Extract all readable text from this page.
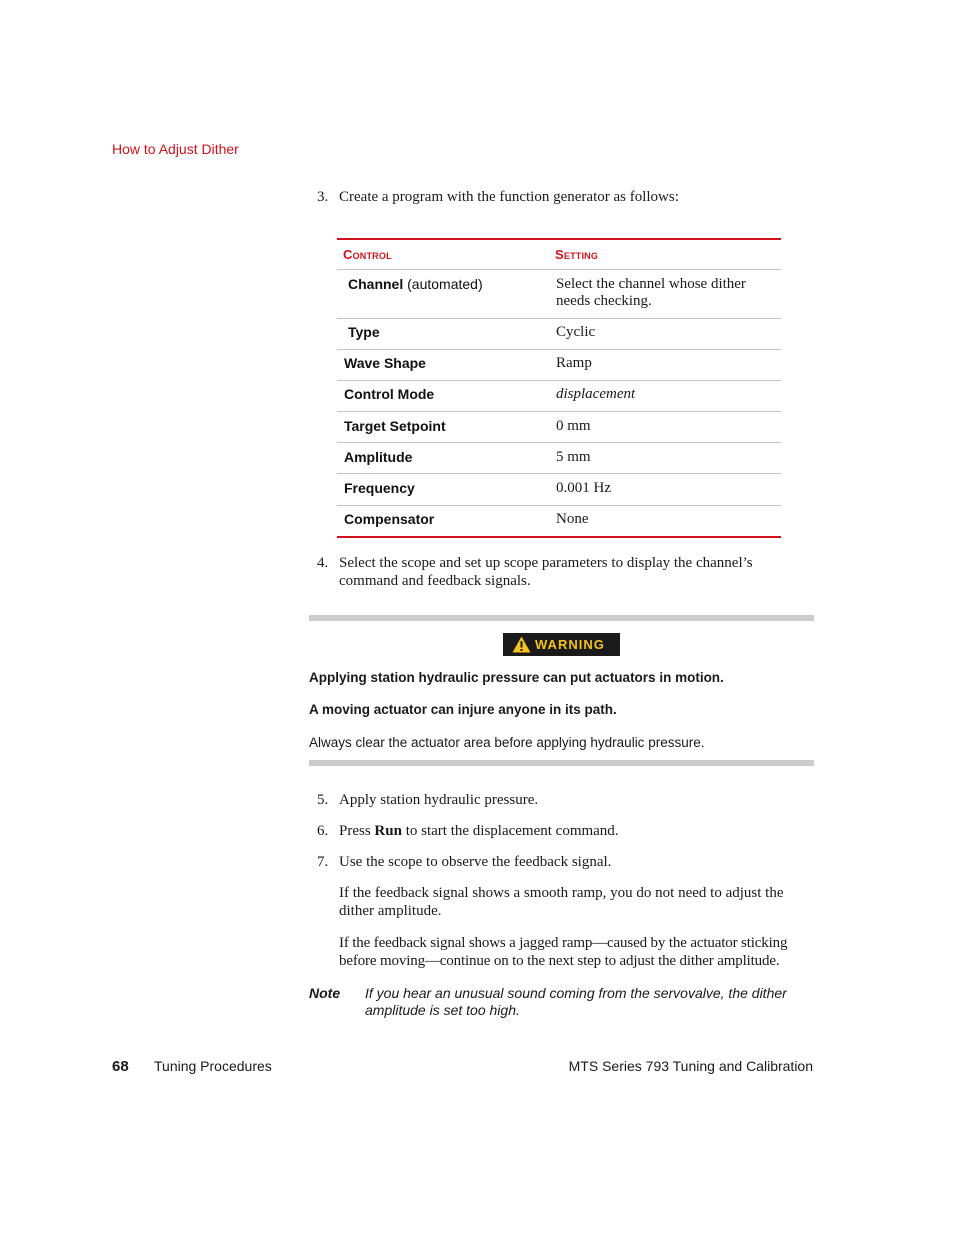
How to Adjust Dither
3. Create a program with the function generator as follows:
Control	Setting
Channel (automated)	Select the channel whose dither needs checking.
Type	Cyclic
Wave Shape	Ramp
Control Mode	displacement
Target Setpoint	0 mm
Amplitude	5 mm
Frequency	0.001 Hz
Compensator	None
4. Select the scope and set up scope parameters to display the channel’s command and feedback signals.
WARNING
Applying station hydraulic pressure can put actuators in motion.
A moving actuator can injure anyone in its path.
Always clear the actuator area before applying hydraulic pressure.
5. Apply station hydraulic pressure.
6. Press Run to start the displacement command.
7. Use the scope to observe the feedback signal.
If the feedback signal shows a smooth ramp, you do not need to adjust the dither amplitude.
If the feedback signal shows a jagged ramp—caused by the actuator sticking before moving—continue on to the next step to adjust the dither amplitude.
Note If you hear an unusual sound coming from the servovalve, the dither amplitude is set too high.
68 Tuning Procedures	MTS Series 793 Tuning and Calibration
